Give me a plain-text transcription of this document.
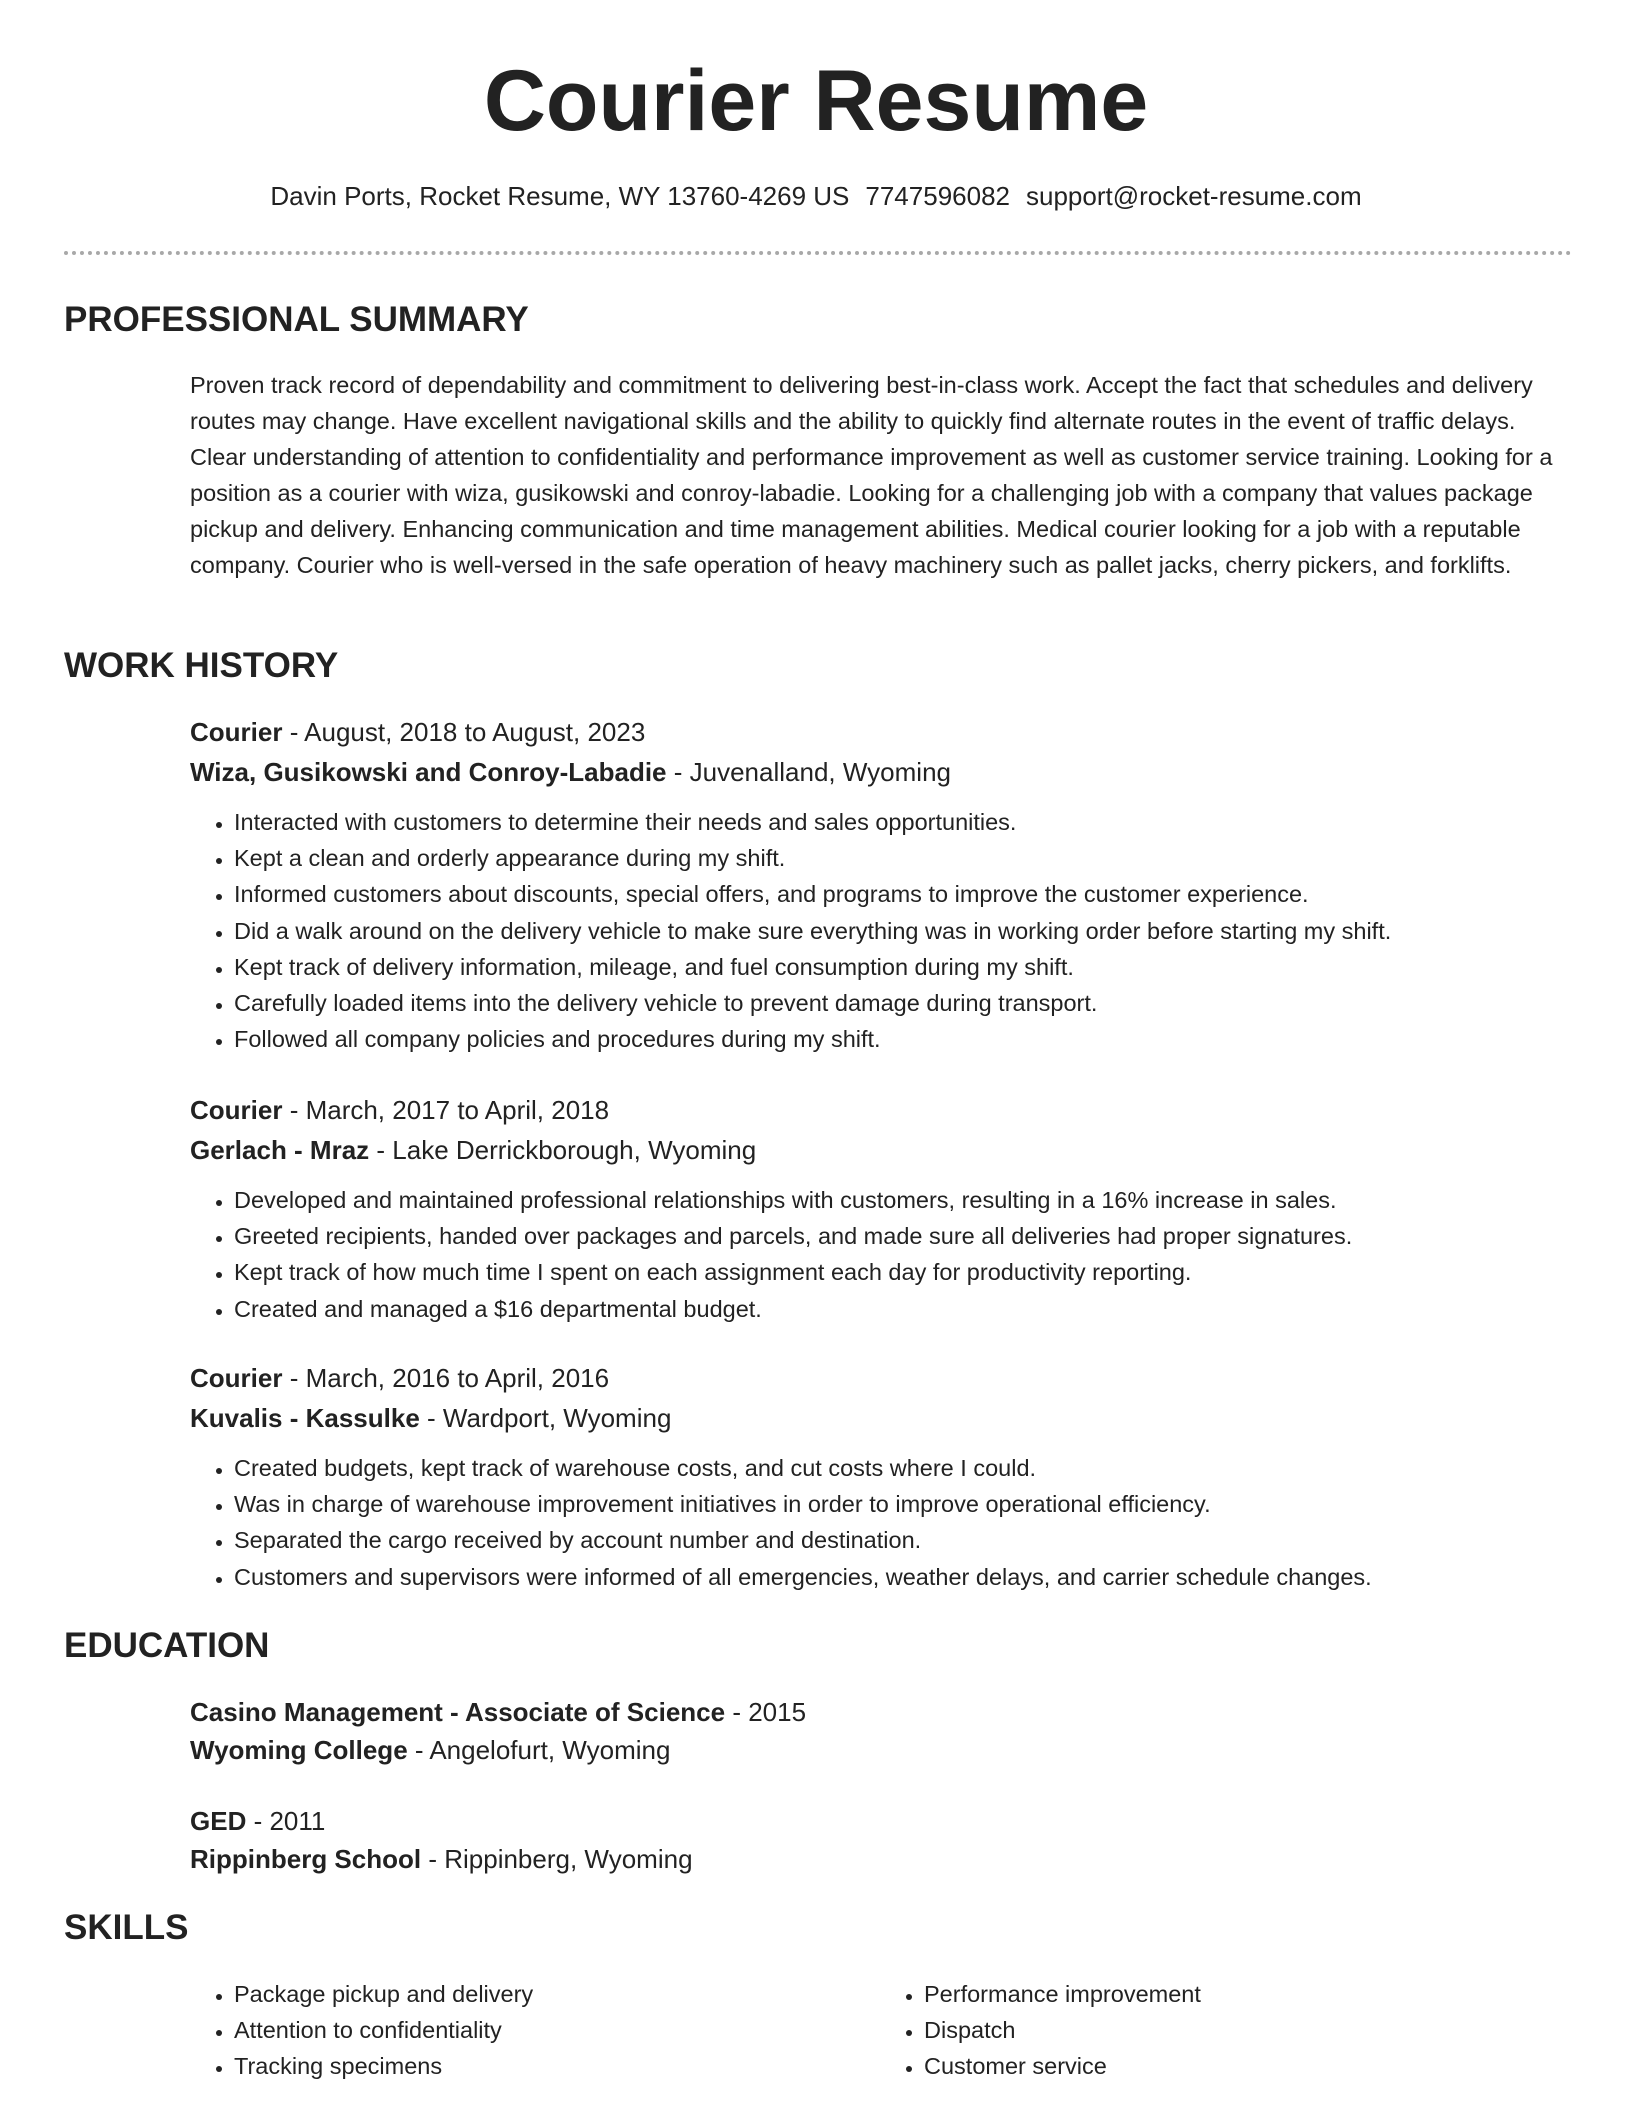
Courier Resume
Davin Ports, Rocket Resume, WY 13760-4269 US 7747596082 support@rocket-resume.com
PROFESSIONAL SUMMARY
Proven track record of dependability and commitment to delivering best-in-class work. Accept the fact that schedules and delivery routes may change. Have excellent navigational skills and the ability to quickly find alternate routes in the event of traffic delays. Clear understanding of attention to confidentiality and performance improvement as well as customer service training. Looking for a position as a courier with wiza, gusikowski and conroy-labadie. Looking for a challenging job with a company that values package pickup and delivery. Enhancing communication and time management abilities. Medical courier looking for a job with a reputable company. Courier who is well-versed in the safe operation of heavy machinery such as pallet jacks, cherry pickers, and forklifts.
WORK HISTORY
Courier - August, 2018 to August, 2023
Wiza, Gusikowski and Conroy-Labadie - Juvenalland, Wyoming
• Interacted with customers to determine their needs and sales opportunities.
• Kept a clean and orderly appearance during my shift.
• Informed customers about discounts, special offers, and programs to improve the customer experience.
• Did a walk around on the delivery vehicle to make sure everything was in working order before starting my shift.
• Kept track of delivery information, mileage, and fuel consumption during my shift.
• Carefully loaded items into the delivery vehicle to prevent damage during transport.
• Followed all company policies and procedures during my shift.
Courier - March, 2017 to April, 2018
Gerlach - Mraz - Lake Derrickborough, Wyoming
• Developed and maintained professional relationships with customers, resulting in a 16% increase in sales.
• Greeted recipients, handed over packages and parcels, and made sure all deliveries had proper signatures.
• Kept track of how much time I spent on each assignment each day for productivity reporting.
• Created and managed a $16 departmental budget.
Courier - March, 2016 to April, 2016
Kuvalis - Kassulke - Wardport, Wyoming
• Created budgets, kept track of warehouse costs, and cut costs where I could.
• Was in charge of warehouse improvement initiatives in order to improve operational efficiency.
• Separated the cargo received by account number and destination.
• Customers and supervisors were informed of all emergencies, weather delays, and carrier schedule changes.
EDUCATION
Casino Management - Associate of Science - 2015
Wyoming College - Angelofurt, Wyoming
GED - 2011
Rippinberg School - Rippinberg, Wyoming
SKILLS
• Package pickup and delivery
• Attention to confidentiality
• Tracking specimens
• Performance improvement
• Dispatch
• Customer service
